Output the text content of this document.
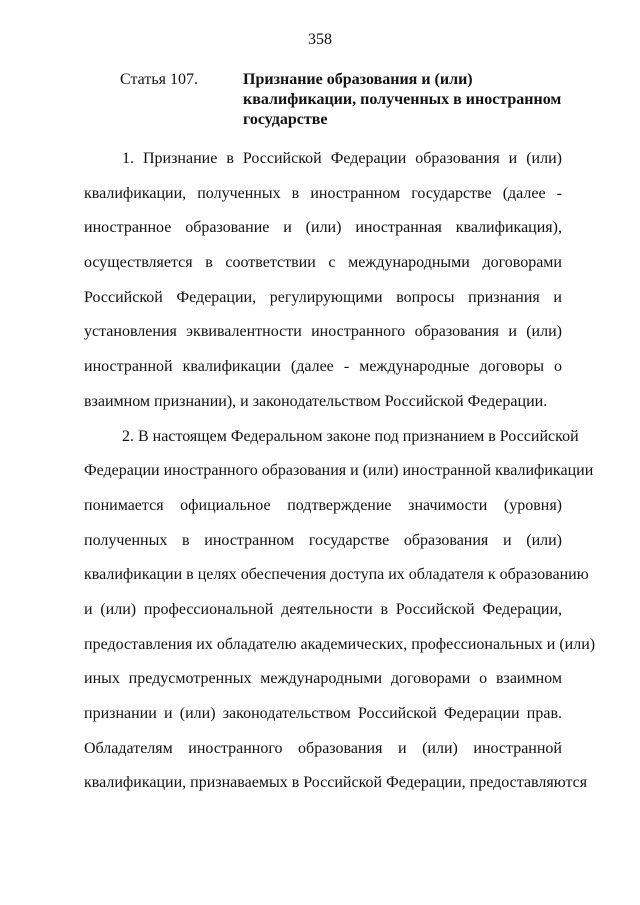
358
Статья 107.	Признание образования и (или)
квалификации, полученных в иностранном
государстве
1. Признание в Российской Федерации образования и (или)
квалификации, полученных в иностранном государстве (далее -
иностранное образование и (или) иностранная квалификация),
осуществляется в соответствии с международными договорами
Российской Федерации, регулирующими вопросы признания и
установления эквивалентности иностранного образования и (или)
иностранной квалификации (далее - международные договоры о
взаимном признании), и законодательством Российской Федерации.
2. В настоящем Федеральном законе под признанием в Российской
Федерации иностранного образования и (или) иностранной квалификации
понимается официальное подтверждение значимости (уровня)
полученных в иностранном государстве образования и (или)
квалификации в целях обеспечения доступа их обладателя к образованию
и (или) профессиональной деятельности в Российской Федерации,
предоставления их обладателю академических, профессиональных и (или)
иных предусмотренных международными договорами о взаимном
признании и (или) законодательством Российской Федерации прав.
Обладателям иностранного образования и (или) иностранной
квалификации, признаваемых в Российской Федерации, предоставляются
